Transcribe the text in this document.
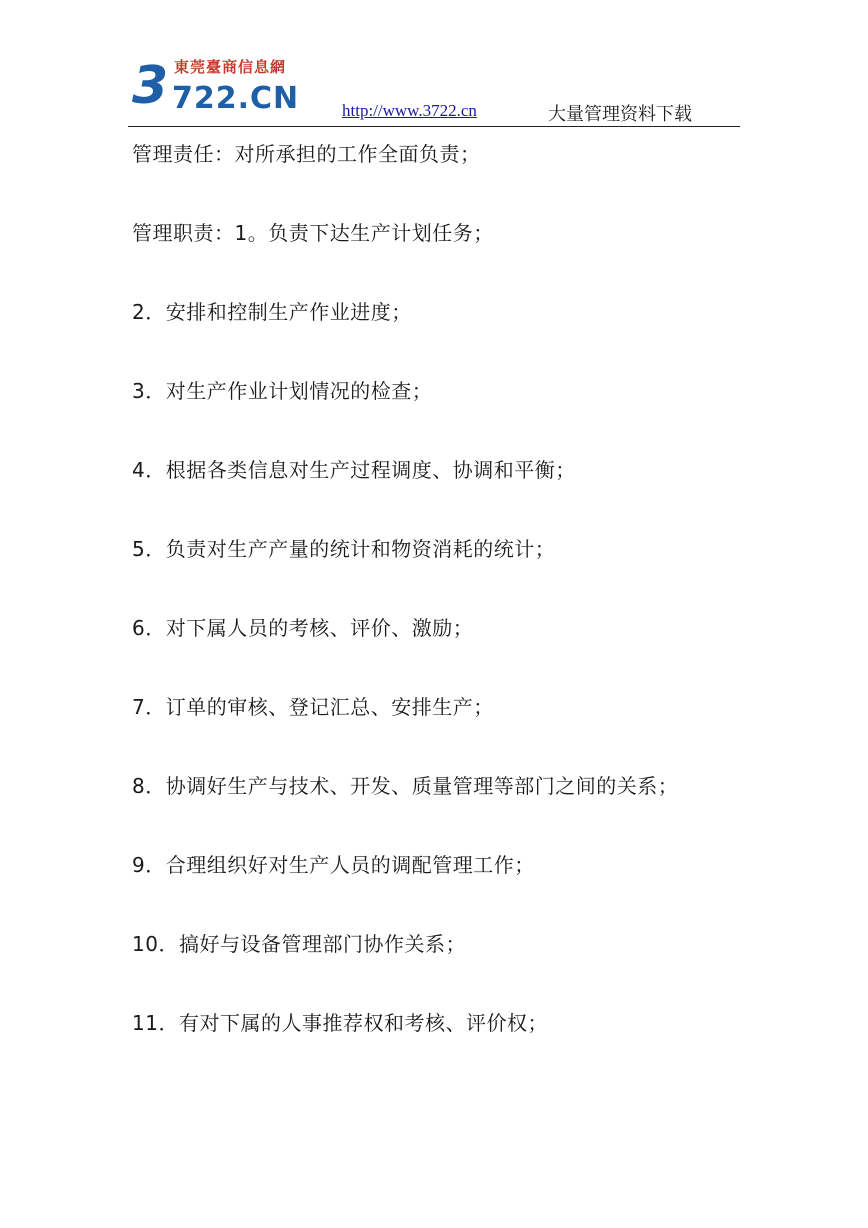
3 東莞臺商信息網
722.CN	http://www.3722.cn	大量管理资料下载
管理责任：对所承担的工作全面负责；
管理职责：1。负责下达生产计划任务；
2．安排和控制生产作业进度；
3．对生产作业计划情况的检查；
4．根据各类信息对生产过程调度、协调和平衡；
5．负责对生产产量的统计和物资消耗的统计；
6．对下属人员的考核、评价、激励；
7．订单的审核、登记汇总、安排生产；
8．协调好生产与技术、开发、质量管理等部门之间的关系；
9．合理组织好对生产人员的调配管理工作；
10．搞好与设备管理部门协作关系；
11．有对下属的人事推荐权和考核、评价权；
